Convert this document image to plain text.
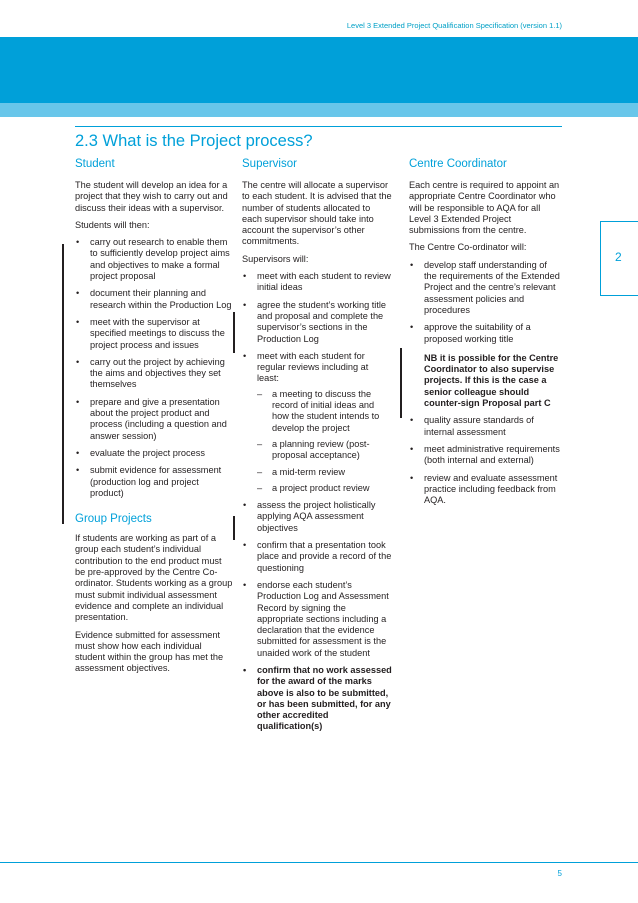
Level 3 Extended Project Qualification Specification (version 1.1)
2.3 What is the Project process?
Student

The student will develop an idea for a project that they wish to carry out and discuss their ideas with a supervisor.

Students will then:

• carry out research to enable them to sufficiently develop project aims and objectives to make a formal project proposal
• document their planning and research within the Production Log
• meet with the supervisor at specified meetings to discuss the project process and issues
• carry out the project by achieving the aims and objectives they set themselves
• prepare and give a presentation about the project product and process (including a question and answer session)
• evaluate the project process
• submit evidence for assessment (production log and project product)
Group Projects

If students are working as part of a group each student’s individual contribution to the end product must be pre-approved by the Centre Co-ordinator. Students working as a group must submit individual assessment evidence and complete an individual presentation.

Evidence submitted for assessment must show how each individual student within the group has met the assessment objectives.

Supervisor

The centre will allocate a supervisor to each student. It is advised that the number of students allocated to each supervisor should take into account the supervisor’s other commitments.

Supervisors will:

• meet with each student to review initial ideas
• agree the student’s working title and proposal and complete the supervisor’s sections in the Production Log
• meet with each student for regular reviews including at least:
– a meeting to discuss the record of initial ideas and how the student intends to develop the project
– a planning review (post-proposal acceptance)
– a mid-term review
– a project product review
• assess the project holistically applying AQA assessment objectives
• confirm that a presentation took place and provide a record of the questioning
• endorse each student’s Production Log and Assessment Record by signing the appropriate sections including a declaration that the evidence submitted for assessment is the unaided work of the student
• confirm that no work assessed for the award of the marks above is also to be submitted, or has been submitted, for any other accredited qualification(s)
Centre Coordinator

Each centre is required to appoint an appropriate Centre Coordinator who will be responsible to AQA for all Level 3 Extended Project submissions from the centre.

The Centre Co-ordinator will:

• develop staff understanding of the requirements of the Extended Project and the centre’s relevant assessment policies and procedures
• approve the suitability of a proposed working title
NB it is possible for the Centre Coordinator to also supervise projects. If this is the case a senior colleague should counter-sign Proposal part C
• quality assure standards of internal assessment
• meet administrative requirements (both internal and external)
• review and evaluate assessment practice including feedback from AQA.
2
5
